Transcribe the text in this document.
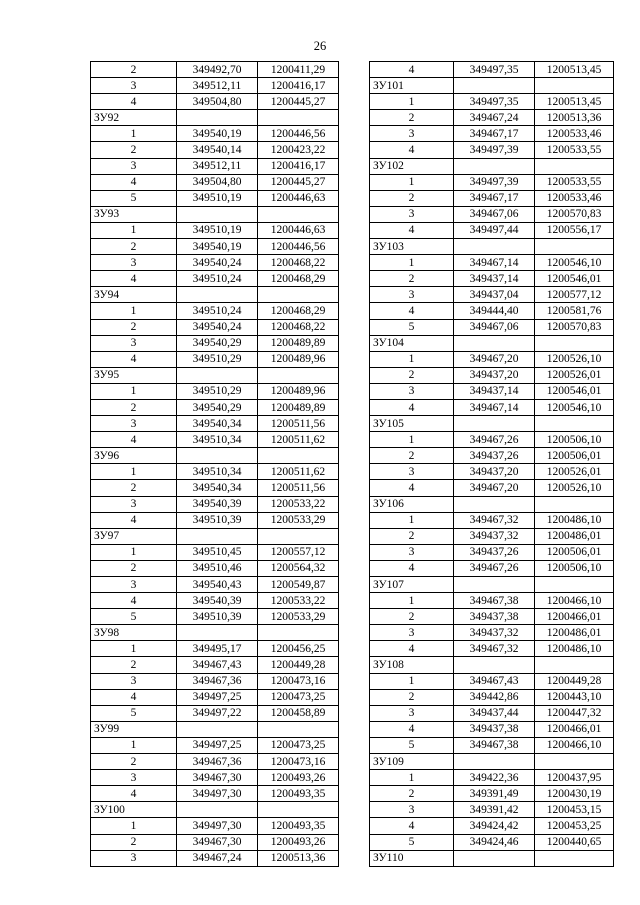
26
2	349492,70	1200411,29
3	349512,11	1200416,17
4	349504,80	1200445,27
ЗУ92		
1	349540,19	1200446,56
2	349540,14	1200423,22
3	349512,11	1200416,17
4	349504,80	1200445,27
5	349510,19	1200446,63
ЗУ93		
1	349510,19	1200446,63
2	349540,19	1200446,56
3	349540,24	1200468,22
4	349510,24	1200468,29
ЗУ94		
1	349510,24	1200468,29
2	349540,24	1200468,22
3	349540,29	1200489,89
4	349510,29	1200489,96
ЗУ95		
1	349510,29	1200489,96
2	349540,29	1200489,89
3	349540,34	1200511,56
4	349510,34	1200511,62
ЗУ96		
1	349510,34	1200511,62
2	349540,34	1200511,56
3	349540,39	1200533,22
4	349510,39	1200533,29
ЗУ97		
1	349510,45	1200557,12
2	349510,46	1200564,32
3	349540,43	1200549,87
4	349540,39	1200533,22
5	349510,39	1200533,29
ЗУ98		
1	349495,17	1200456,25
2	349467,43	1200449,28
3	349467,36	1200473,16
4	349497,25	1200473,25
5	349497,22	1200458,89
ЗУ99		
1	349497,25	1200473,25
2	349467,36	1200473,16
3	349467,30	1200493,26
4	349497,30	1200493,35
ЗУ100		
1	349497,30	1200493,35
2	349467,30	1200493,26
3	349467,24	1200513,36
4	349497,35	1200513,45
ЗУ101		
1	349497,35	1200513,45
2	349467,24	1200513,36
3	349467,17	1200533,46
4	349497,39	1200533,55
ЗУ102		
1	349497,39	1200533,55
2	349467,17	1200533,46
3	349467,06	1200570,83
4	349497,44	1200556,17
ЗУ103		
1	349467,14	1200546,10
2	349437,14	1200546,01
3	349437,04	1200577,12
4	349444,40	1200581,76
5	349467,06	1200570,83
ЗУ104		
1	349467,20	1200526,10
2	349437,20	1200526,01
3	349437,14	1200546,01
4	349467,14	1200546,10
ЗУ105		
1	349467,26	1200506,10
2	349437,26	1200506,01
3	349437,20	1200526,01
4	349467,20	1200526,10
ЗУ106		
1	349467,32	1200486,10
2	349437,32	1200486,01
3	349437,26	1200506,01
4	349467,26	1200506,10
ЗУ107		
1	349467,38	1200466,10
2	349437,38	1200466,01
3	349437,32	1200486,01
4	349467,32	1200486,10
ЗУ108		
1	349467,43	1200449,28
2	349442,86	1200443,10
3	349437,44	1200447,32
4	349437,38	1200466,01
5	349467,38	1200466,10
ЗУ109		
1	349422,36	1200437,95
2	349391,49	1200430,19
3	349391,42	1200453,15
4	349424,42	1200453,25
5	349424,46	1200440,65
ЗУ110		
